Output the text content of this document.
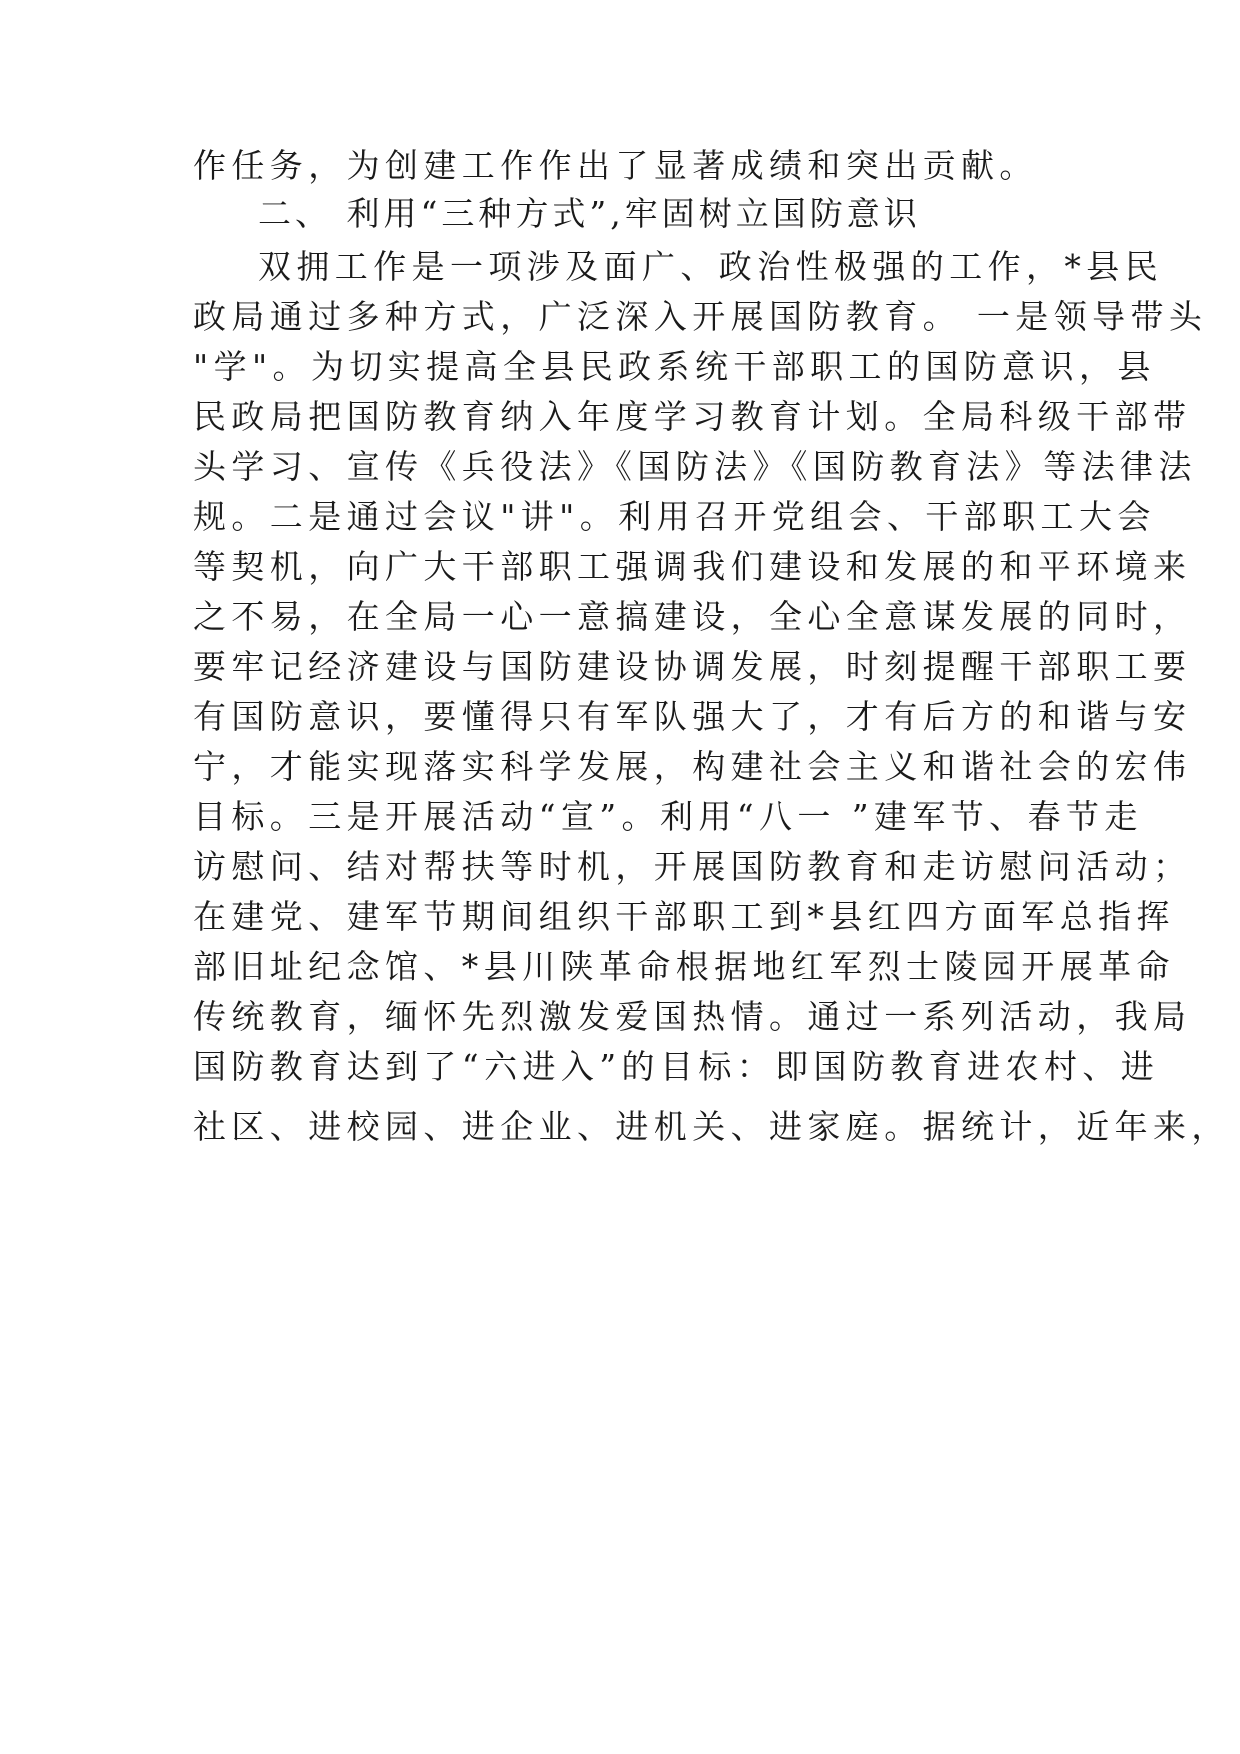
作任务，为创建工作作出了显著成绩和突出贡献。
二、 利用“三种方式”,牢固树立国防意识
双拥工作是一项涉及面广、政治性极强的工作，*县民
政局通过多种方式，广泛深入开展国防教育。 一是领导带头
"学"。为切实提高全县民政系统干部职工的国防意识，县
民政局把国防教育纳入年度学习教育计划。全局科级干部带
头学习、宣传《兵役法》《国防法》《国防教育法》等法律法
规。二是通过会议"讲"。利用召开党组会、干部职工大会
等契机，向广大干部职工强调我们建设和发展的和平环境来
之不易，在全局一心一意搞建设，全心全意谋发展的同时，
要牢记经济建设与国防建设协调发展，时刻提醒干部职工要
有国防意识，要懂得只有军队强大了，才有后方的和谐与安
宁，才能实现落实科学发展，构建社会主义和谐社会的宏伟
目标。三是开展活动“宣”。利用“八一 ”建军节、春节走
访慰问、结对帮扶等时机，开展国防教育和走访慰问活动；
在建党、建军节期间组织干部职工到*县红四方面军总指挥
部旧址纪念馆、*县川陕革命根据地红军烈士陵园开展革命
传统教育，缅怀先烈激发爱国热情。通过一系列活动，我局
国防教育达到了“六进入”的目标：即国防教育进农村、进
社区、进校园、进企业、进机关、进家庭。据统计，近年来，
